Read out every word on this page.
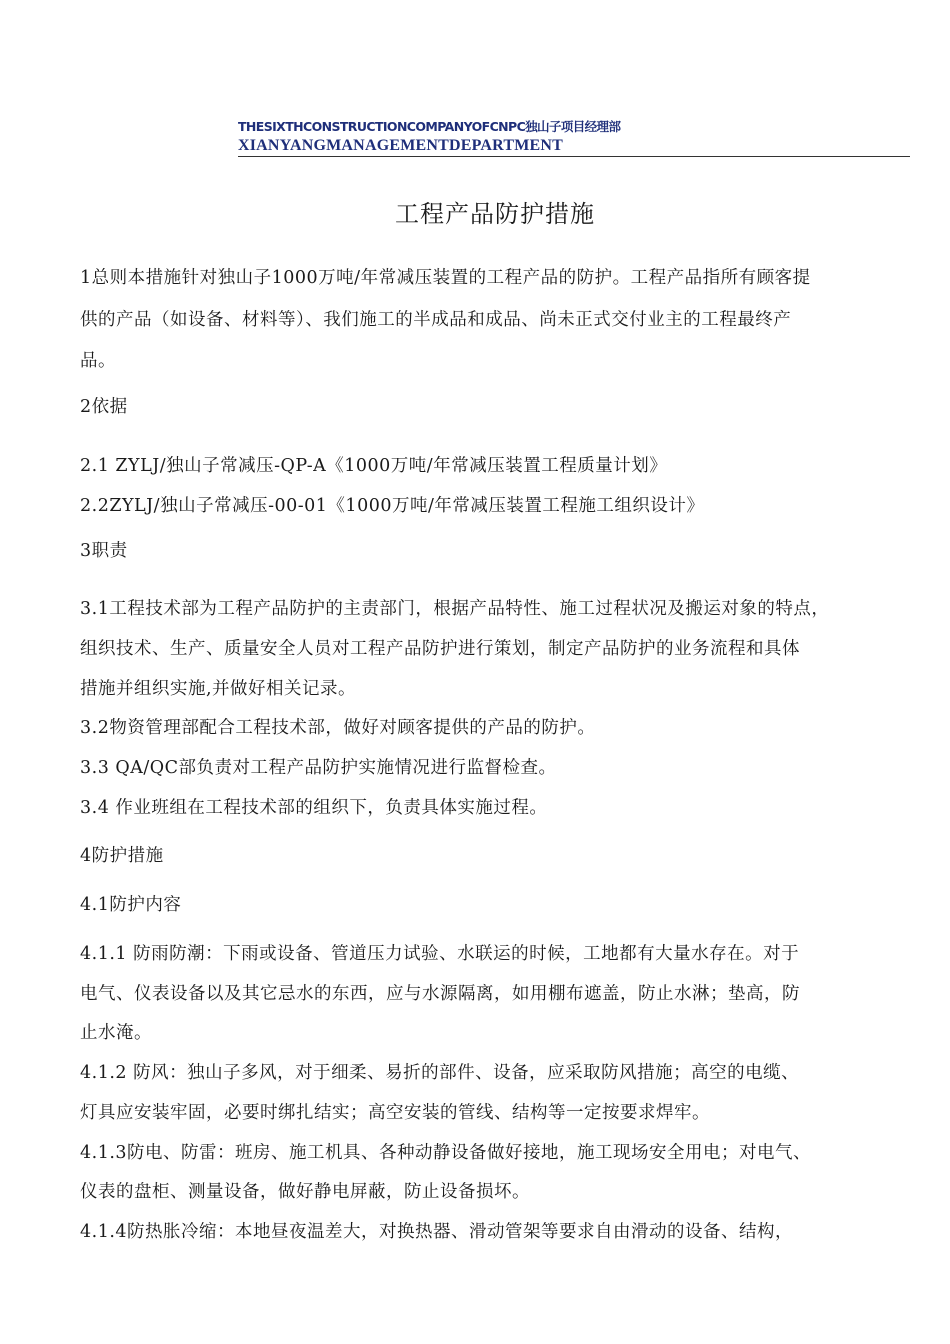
THESIXTHCONSTRUCTIONCOMPANYOFCNPC独山子项目经理部
XIANYANGMANAGEMENTDEPARTMENT
工程产品防护措施

1总则本措施针对独山子1000万吨/年常减压装置的工程产品的防护。工程产品指所有顾客提

供的产品（如设备、材料等）、我们施工的半成品和成品、尚未正式交付业主的工程最终产

品。

2依据

2.1 ZYLJ/独山子常减压-QP-A《1000万吨/年常减压装置工程质量计划》

2.2ZYLJ/独山子常减压-00-01《1000万吨/年常减压装置工程施工组织设计》

3职责

3.1工程技术部为工程产品防护的主责部门，根据产品特性、施工过程状况及搬运对象的特点，

组织技术、生产、质量安全人员对工程产品防护进行策划，制定产品防护的业务流程和具体

措施并组织实施,并做好相关记录。

3.2物资管理部配合工程技术部，做好对顾客提供的产品的防护。

3.3 QA/QC部负责对工程产品防护实施情况进行监督检查。

3.4 作业班组在工程技术部的组织下，负责具体实施过程。

4防护措施

4.1防护内容

4.1.1 防雨防潮：下雨或设备、管道压力试验、水联运的时候，工地都有大量水存在。对于

电气、仪表设备以及其它忌水的东西，应与水源隔离，如用棚布遮盖，防止水淋；垫高，防

止水淹。

4.1.2 防风：独山子多风，对于细柔、易折的部件、设备，应采取防风措施；高空的电缆、

灯具应安装牢固，必要时绑扎结实；高空安装的管线、结构等一定按要求焊牢。

4.1.3防电、防雷：班房、施工机具、各种动静设备做好接地，施工现场安全用电；对电气、

仪表的盘柜、测量设备，做好静电屏蔽，防止设备损坏。

4.1.4防热胀冷缩：本地昼夜温差大，对换热器、滑动管架等要求自由滑动的设备、结构，
